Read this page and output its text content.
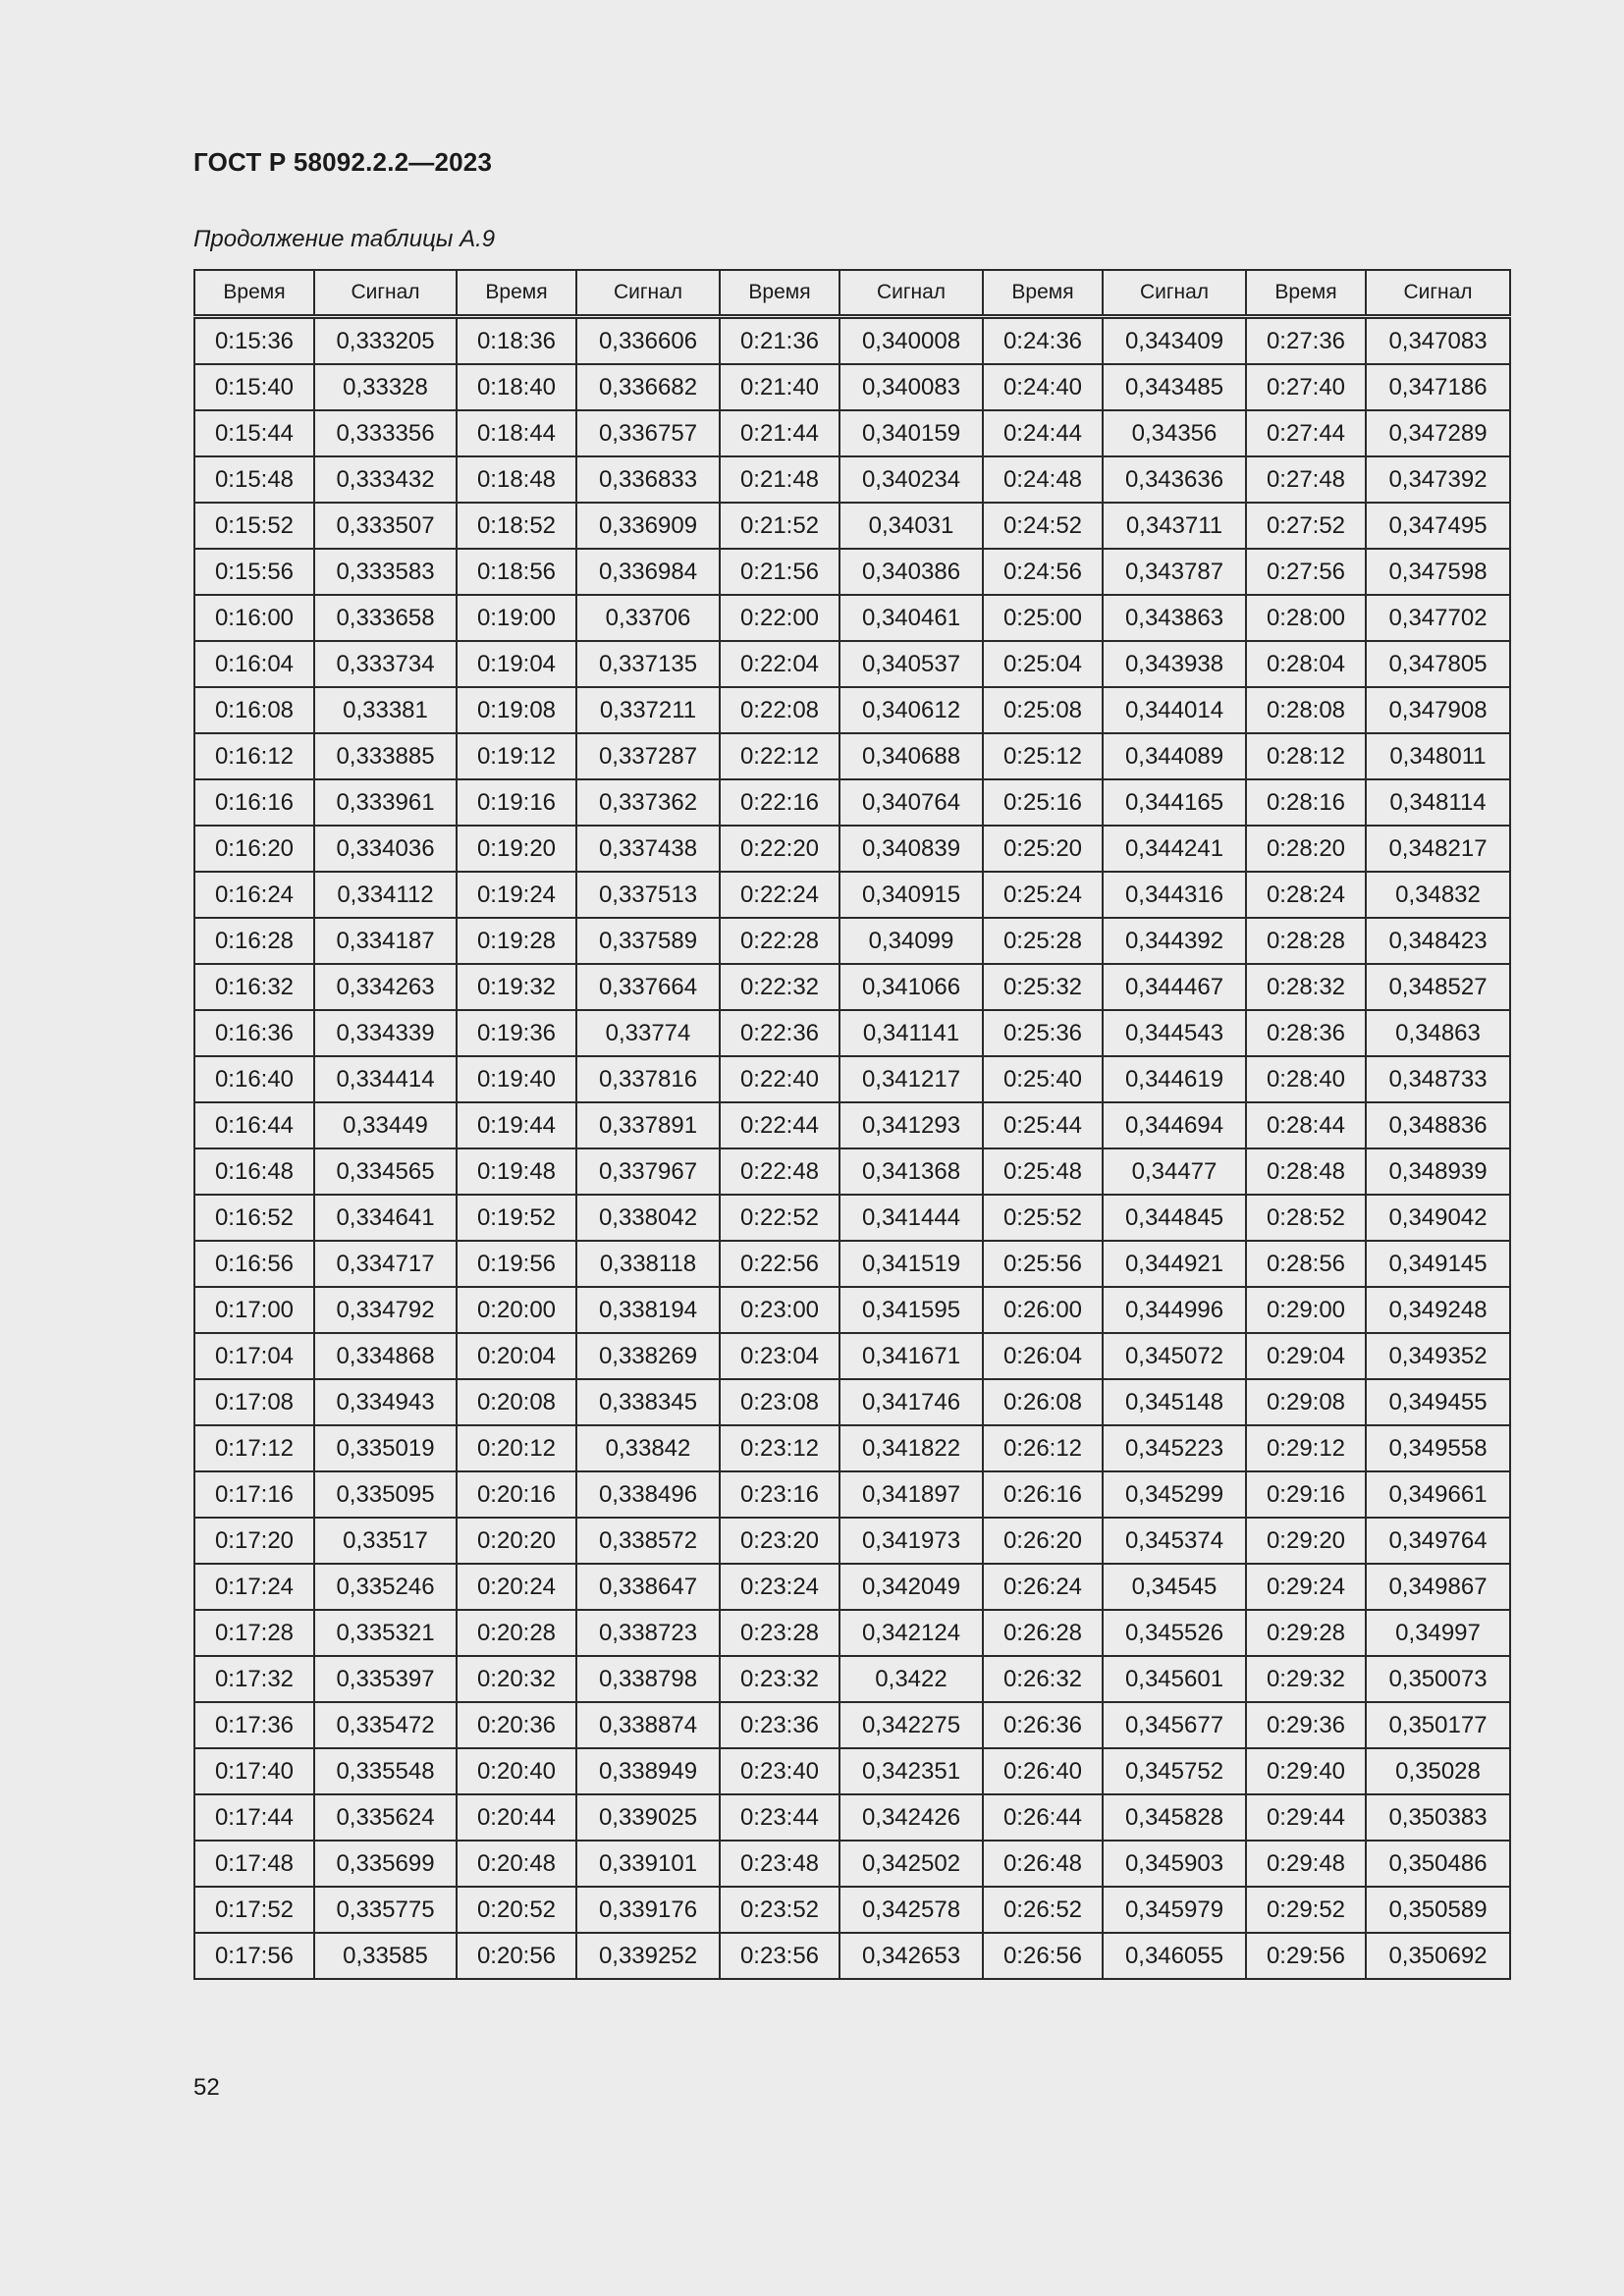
ГОСТ Р 58092.2.2—2023
Продолжение таблицы А.9
Время	Сигнал	Время	Сигнал	Время	Сигнал	Время	Сигнал	Время	Сигнал
0:15:36	0,333205	0:18:36	0,336606	0:21:36	0,340008	0:24:36	0,343409	0:27:36	0,347083
0:15:40	0,33328	0:18:40	0,336682	0:21:40	0,340083	0:24:40	0,343485	0:27:40	0,347186
0:15:44	0,333356	0:18:44	0,336757	0:21:44	0,340159	0:24:44	0,34356	0:27:44	0,347289
0:15:48	0,333432	0:18:48	0,336833	0:21:48	0,340234	0:24:48	0,343636	0:27:48	0,347392
0:15:52	0,333507	0:18:52	0,336909	0:21:52	0,34031	0:24:52	0,343711	0:27:52	0,347495
0:15:56	0,333583	0:18:56	0,336984	0:21:56	0,340386	0:24:56	0,343787	0:27:56	0,347598
0:16:00	0,333658	0:19:00	0,33706	0:22:00	0,340461	0:25:00	0,343863	0:28:00	0,347702
0:16:04	0,333734	0:19:04	0,337135	0:22:04	0,340537	0:25:04	0,343938	0:28:04	0,347805
0:16:08	0,33381	0:19:08	0,337211	0:22:08	0,340612	0:25:08	0,344014	0:28:08	0,347908
0:16:12	0,333885	0:19:12	0,337287	0:22:12	0,340688	0:25:12	0,344089	0:28:12	0,348011
0:16:16	0,333961	0:19:16	0,337362	0:22:16	0,340764	0:25:16	0,344165	0:28:16	0,348114
0:16:20	0,334036	0:19:20	0,337438	0:22:20	0,340839	0:25:20	0,344241	0:28:20	0,348217
0:16:24	0,334112	0:19:24	0,337513	0:22:24	0,340915	0:25:24	0,344316	0:28:24	0,34832
0:16:28	0,334187	0:19:28	0,337589	0:22:28	0,34099	0:25:28	0,344392	0:28:28	0,348423
0:16:32	0,334263	0:19:32	0,337664	0:22:32	0,341066	0:25:32	0,344467	0:28:32	0,348527
0:16:36	0,334339	0:19:36	0,33774	0:22:36	0,341141	0:25:36	0,344543	0:28:36	0,34863
0:16:40	0,334414	0:19:40	0,337816	0:22:40	0,341217	0:25:40	0,344619	0:28:40	0,348733
0:16:44	0,33449	0:19:44	0,337891	0:22:44	0,341293	0:25:44	0,344694	0:28:44	0,348836
0:16:48	0,334565	0:19:48	0,337967	0:22:48	0,341368	0:25:48	0,34477	0:28:48	0,348939
0:16:52	0,334641	0:19:52	0,338042	0:22:52	0,341444	0:25:52	0,344845	0:28:52	0,349042
0:16:56	0,334717	0:19:56	0,338118	0:22:56	0,341519	0:25:56	0,344921	0:28:56	0,349145
0:17:00	0,334792	0:20:00	0,338194	0:23:00	0,341595	0:26:00	0,344996	0:29:00	0,349248
0:17:04	0,334868	0:20:04	0,338269	0:23:04	0,341671	0:26:04	0,345072	0:29:04	0,349352
0:17:08	0,334943	0:20:08	0,338345	0:23:08	0,341746	0:26:08	0,345148	0:29:08	0,349455
0:17:12	0,335019	0:20:12	0,33842	0:23:12	0,341822	0:26:12	0,345223	0:29:12	0,349558
0:17:16	0,335095	0:20:16	0,338496	0:23:16	0,341897	0:26:16	0,345299	0:29:16	0,349661
0:17:20	0,33517	0:20:20	0,338572	0:23:20	0,341973	0:26:20	0,345374	0:29:20	0,349764
0:17:24	0,335246	0:20:24	0,338647	0:23:24	0,342049	0:26:24	0,34545	0:29:24	0,349867
0:17:28	0,335321	0:20:28	0,338723	0:23:28	0,342124	0:26:28	0,345526	0:29:28	0,34997
0:17:32	0,335397	0:20:32	0,338798	0:23:32	0,3422	0:26:32	0,345601	0:29:32	0,350073
0:17:36	0,335472	0:20:36	0,338874	0:23:36	0,342275	0:26:36	0,345677	0:29:36	0,350177
0:17:40	0,335548	0:20:40	0,338949	0:23:40	0,342351	0:26:40	0,345752	0:29:40	0,35028
0:17:44	0,335624	0:20:44	0,339025	0:23:44	0,342426	0:26:44	0,345828	0:29:44	0,350383
0:17:48	0,335699	0:20:48	0,339101	0:23:48	0,342502	0:26:48	0,345903	0:29:48	0,350486
0:17:52	0,335775	0:20:52	0,339176	0:23:52	0,342578	0:26:52	0,345979	0:29:52	0,350589
0:17:56	0,33585	0:20:56	0,339252	0:23:56	0,342653	0:26:56	0,346055	0:29:56	0,350692
52
